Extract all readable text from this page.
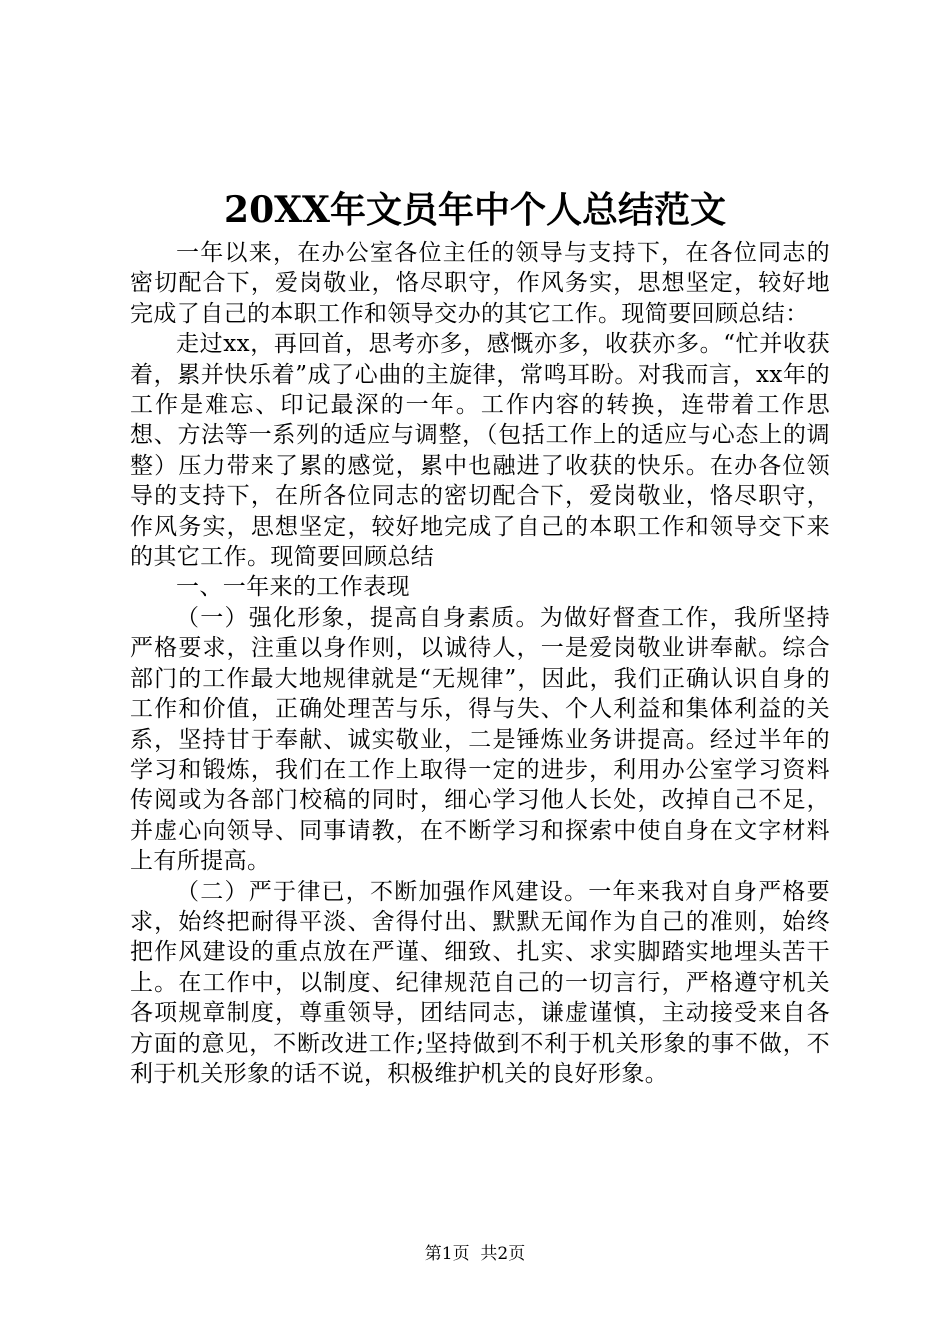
20XX年文员年中个人总结范文

一年以来，在办公室各位主任的领导与支持下，在各位同志的密切配合下，爱岗敬业，恪尽职守，作风务实，思想坚定，较好地完成了自己的本职工作和领导交办的其它工作。现简要回顾总结：

走过xx，再回首，思考亦多，感慨亦多，收获亦多。“忙并收获着，累并快乐着”成了心曲的主旋律，常鸣耳盼。对我而言，xx年的工作是难忘、印记最深的一年。工作内容的转换，连带着工作思想、方法等一系列的适应与调整，（包括工作上的适应与心态上的调整）压力带来了累的感觉，累中也融进了收获的快乐。在办各位领导的支持下，在所各位同志的密切配合下，爱岗敬业，恪尽职守，作风务实，思想坚定，较好地完成了自己的本职工作和领导交下来的其它工作。现简要回顾总结

一、一年来的工作表现

（一）强化形象，提高自身素质。为做好督查工作，我所坚持严格要求，注重以身作则，以诚待人，一是爱岗敬业讲奉献。综合部门的工作最大地规律就是“无规律”，因此，我们正确认识自身的工作和价值，正确处理苦与乐，得与失、个人利益和集体利益的关系，坚持甘于奉献、诚实敬业，二是锤炼业务讲提高。经过半年的学习和锻炼，我们在工作上取得一定的进步，利用办公室学习资料传阅或为各部门校稿的同时，细心学习他人长处，改掉自己不足，并虚心向领导、同事请教，在不断学习和探索中使自身在文字材料上有所提高。

（二）严于律已，不断加强作风建设。一年来我对自身严格要求，始终把耐得平淡、舍得付出、默默无闻作为自己的准则，始终把作风建设的重点放在严谨、细致、扎实、求实脚踏实地埋头苦干上。在工作中，以制度、纪律规范自己的一切言行，严格遵守机关各项规章制度，尊重领导，团结同志，谦虚谨慎，主动接受来自各方面的意见，不断改进工作;坚持做到不利于机关形象的事不做，不利于机关形象的话不说，积极维护机关的良好形象。

第1页 共2页
